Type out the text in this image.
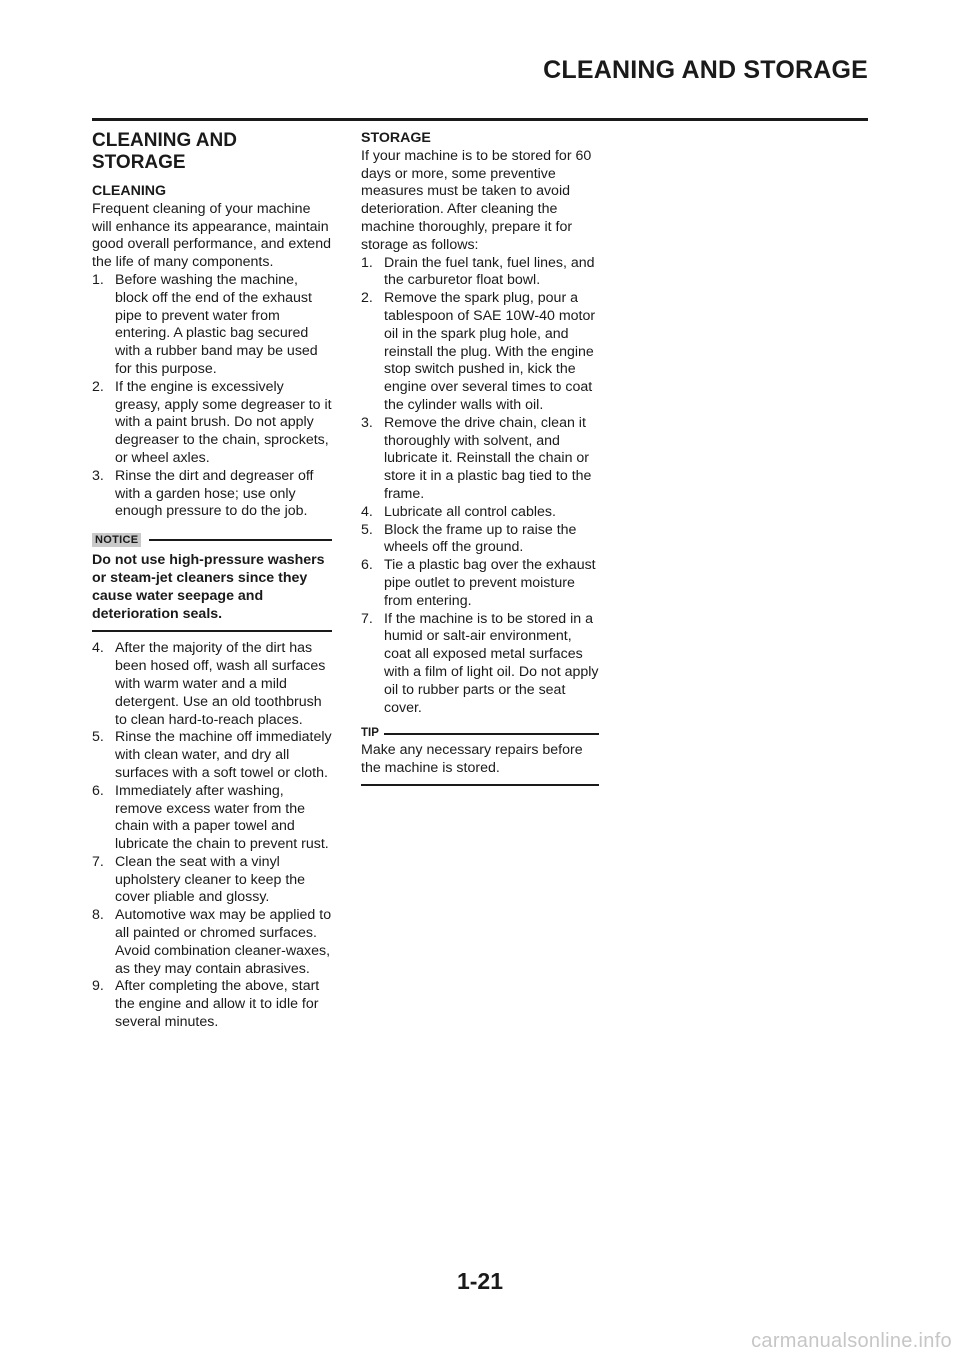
CLEANING AND STORAGE
CLEANING AND STORAGE
CLEANING

Frequent cleaning of your machine will enhance its appearance, maintain good overall performance, and extend the life of many components.

1. Before washing the machine, block off the end of the exhaust pipe to prevent water from entering. A plastic bag secured with a rubber band may be used for this purpose.
2. If the engine is excessively greasy, apply some degreaser to it with a paint brush. Do not apply degreaser to the chain, sprockets, or wheel axles.
3. Rinse the dirt and degreaser off with a garden hose; use only enough pressure to do the job.
NOTICE

Do not use high-pressure washers or steam-jet cleaners since they cause water seepage and deterioration seals.

4. After the majority of the dirt has been hosed off, wash all surfaces with warm water and a mild detergent. Use an old toothbrush to clean hard-to-reach places.
5. Rinse the machine off immediately with clean water, and dry all surfaces with a soft towel or cloth.
6. Immediately after washing, remove excess water from the chain with a paper towel and lubricate the chain to prevent rust.
7. Clean the seat with a vinyl upholstery cleaner to keep the cover pliable and glossy.
8. Automotive wax may be applied to all painted or chromed surfaces. Avoid combination cleaner-waxes, as they may contain abrasives.
9. After completing the above, start the engine and allow it to idle for several minutes.
STORAGE

If your machine is to be stored for 60 days or more, some preventive measures must be taken to avoid deterioration. After cleaning the machine thoroughly, prepare it for storage as follows:

1. Drain the fuel tank, fuel lines, and the carburetor float bowl.
2. Remove the spark plug, pour a tablespoon of SAE 10W-40 motor oil in the spark plug hole, and reinstall the plug. With the engine stop switch pushed in, kick the engine over several times to coat the cylinder walls with oil.
3. Remove the drive chain, clean it thoroughly with solvent, and lubricate it. Reinstall the chain or store it in a plastic bag tied to the frame.
4. Lubricate all control cables.
5. Block the frame up to raise the wheels off the ground.
6. Tie a plastic bag over the exhaust pipe outlet to prevent moisture from entering.
7. If the machine is to be stored in a humid or salt-air environment, coat all exposed metal surfaces with a film of light oil. Do not apply oil to rubber parts or the seat cover.
TIP

Make any necessary repairs before the machine is stored.

1-21

carmanualsonline.info
